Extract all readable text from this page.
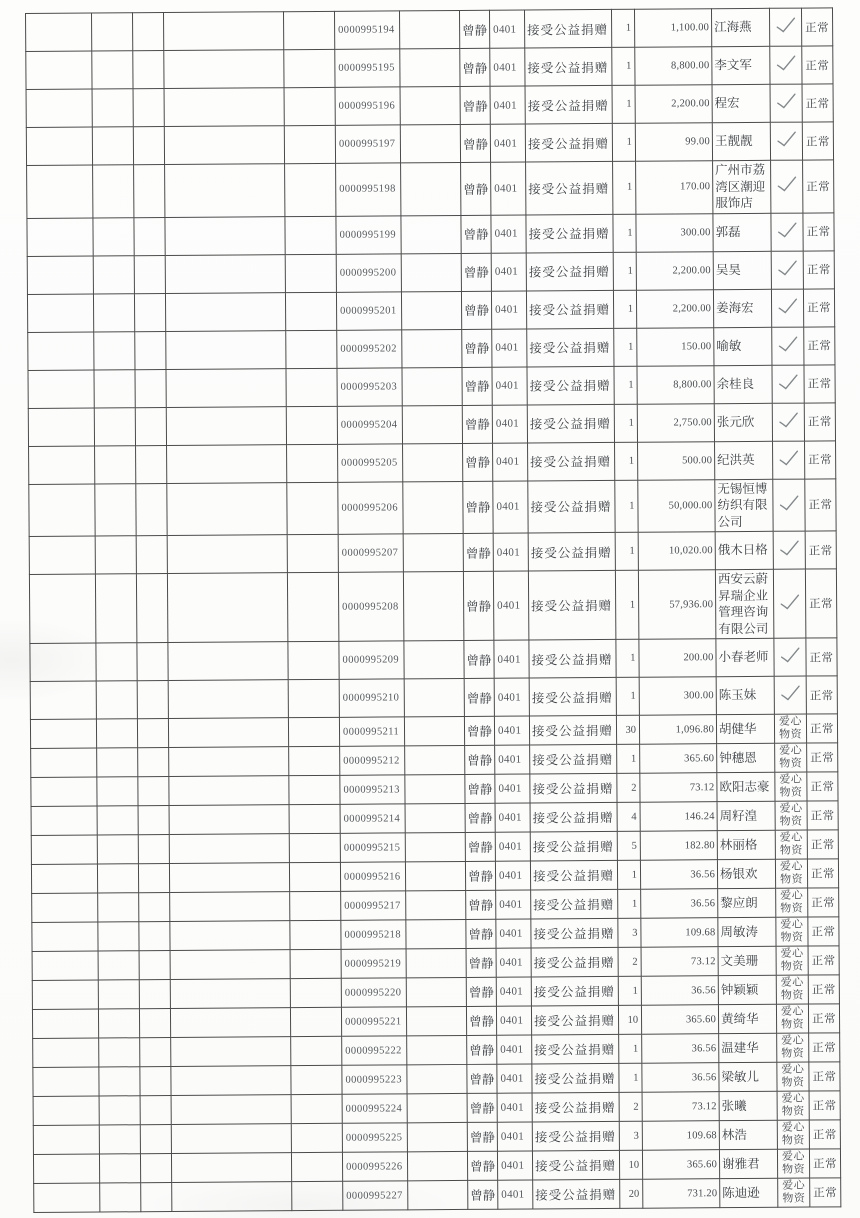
					0000995194		曾静	0401	接受公益捐赠	1	1,100.00	江海燕		正常
					0000995195		曾静	0401	接受公益捐赠	1	8,800.00	李文军		正常
					0000995196		曾静	0401	接受公益捐赠	1	2,200.00	程宏		正常
					0000995197		曾静	0401	接受公益捐赠	1	99.00	王靓靓		正常
					0000995198		曾静	0401	接受公益捐赠	1	170.00	广州市荔湾区潮迎服饰店		正常
					0000995199		曾静	0401	接受公益捐赠	1	300.00	郭磊		正常
					0000995200		曾静	0401	接受公益捐赠	1	2,200.00	吴昊		正常
					0000995201		曾静	0401	接受公益捐赠	1	2,200.00	姜海宏		正常
					0000995202		曾静	0401	接受公益捐赠	1	150.00	喻敏		正常
					0000995203		曾静	0401	接受公益捐赠	1	8,800.00	余桂良		正常
					0000995204		曾静	0401	接受公益捐赠	1	2,750.00	张元欣		正常
					0000995205		曾静	0401	接受公益捐赠	1	500.00	纪洪英		正常
					0000995206		曾静	0401	接受公益捐赠	1	50,000.00	无锡恒博纺织有限公司		正常
					0000995207		曾静	0401	接受公益捐赠	1	10,020.00	俄木日格		正常
					0000995208		曾静	0401	接受公益捐赠	1	57,936.00	西安云蔚昇瑞企业管理咨询有限公司		正常
					0000995209		曾静	0401	接受公益捐赠	1	200.00	小春老师		正常
					0000995210		曾静	0401	接受公益捐赠	1	300.00	陈玉妹		正常
					0000995211		曾静	0401	接受公益捐赠	30	1,096.80	胡健华	爱心物资	正常
					0000995212		曾静	0401	接受公益捐赠	1	365.60	钟穗恩	爱心物资	正常
					0000995213		曾静	0401	接受公益捐赠	2	73.12	欧阳志豪	爱心物资	正常
					0000995214		曾静	0401	接受公益捐赠	4	146.24	周籽湟	爱心物资	正常
					0000995215		曾静	0401	接受公益捐赠	5	182.80	林丽格	爱心物资	正常
					0000995216		曾静	0401	接受公益捐赠	1	36.56	杨银欢	爱心物资	正常
					0000995217		曾静	0401	接受公益捐赠	1	36.56	黎应朗	爱心物资	正常
					0000995218		曾静	0401	接受公益捐赠	3	109.68	周敏涛	爱心物资	正常
					0000995219		曾静	0401	接受公益捐赠	2	73.12	文美珊	爱心物资	正常
					0000995220		曾静	0401	接受公益捐赠	1	36.56	钟颖颖	爱心物资	正常
					0000995221		曾静	0401	接受公益捐赠	10	365.60	黄绮华	爱心物资	正常
					0000995222		曾静	0401	接受公益捐赠	1	36.56	温建华	爱心物资	正常
					0000995223		曾静	0401	接受公益捐赠	1	36.56	梁敏儿	爱心物资	正常
					0000995224		曾静	0401	接受公益捐赠	2	73.12	张曦	爱心物资	正常
					0000995225		曾静	0401	接受公益捐赠	3	109.68	林浩	爱心物资	正常
					0000995226		曾静	0401	接受公益捐赠	10	365.60	谢雅君	爱心物资	正常
					0000995227		曾静	0401	接受公益捐赠	20	731.20	陈迪逊	爱心物资	正常
